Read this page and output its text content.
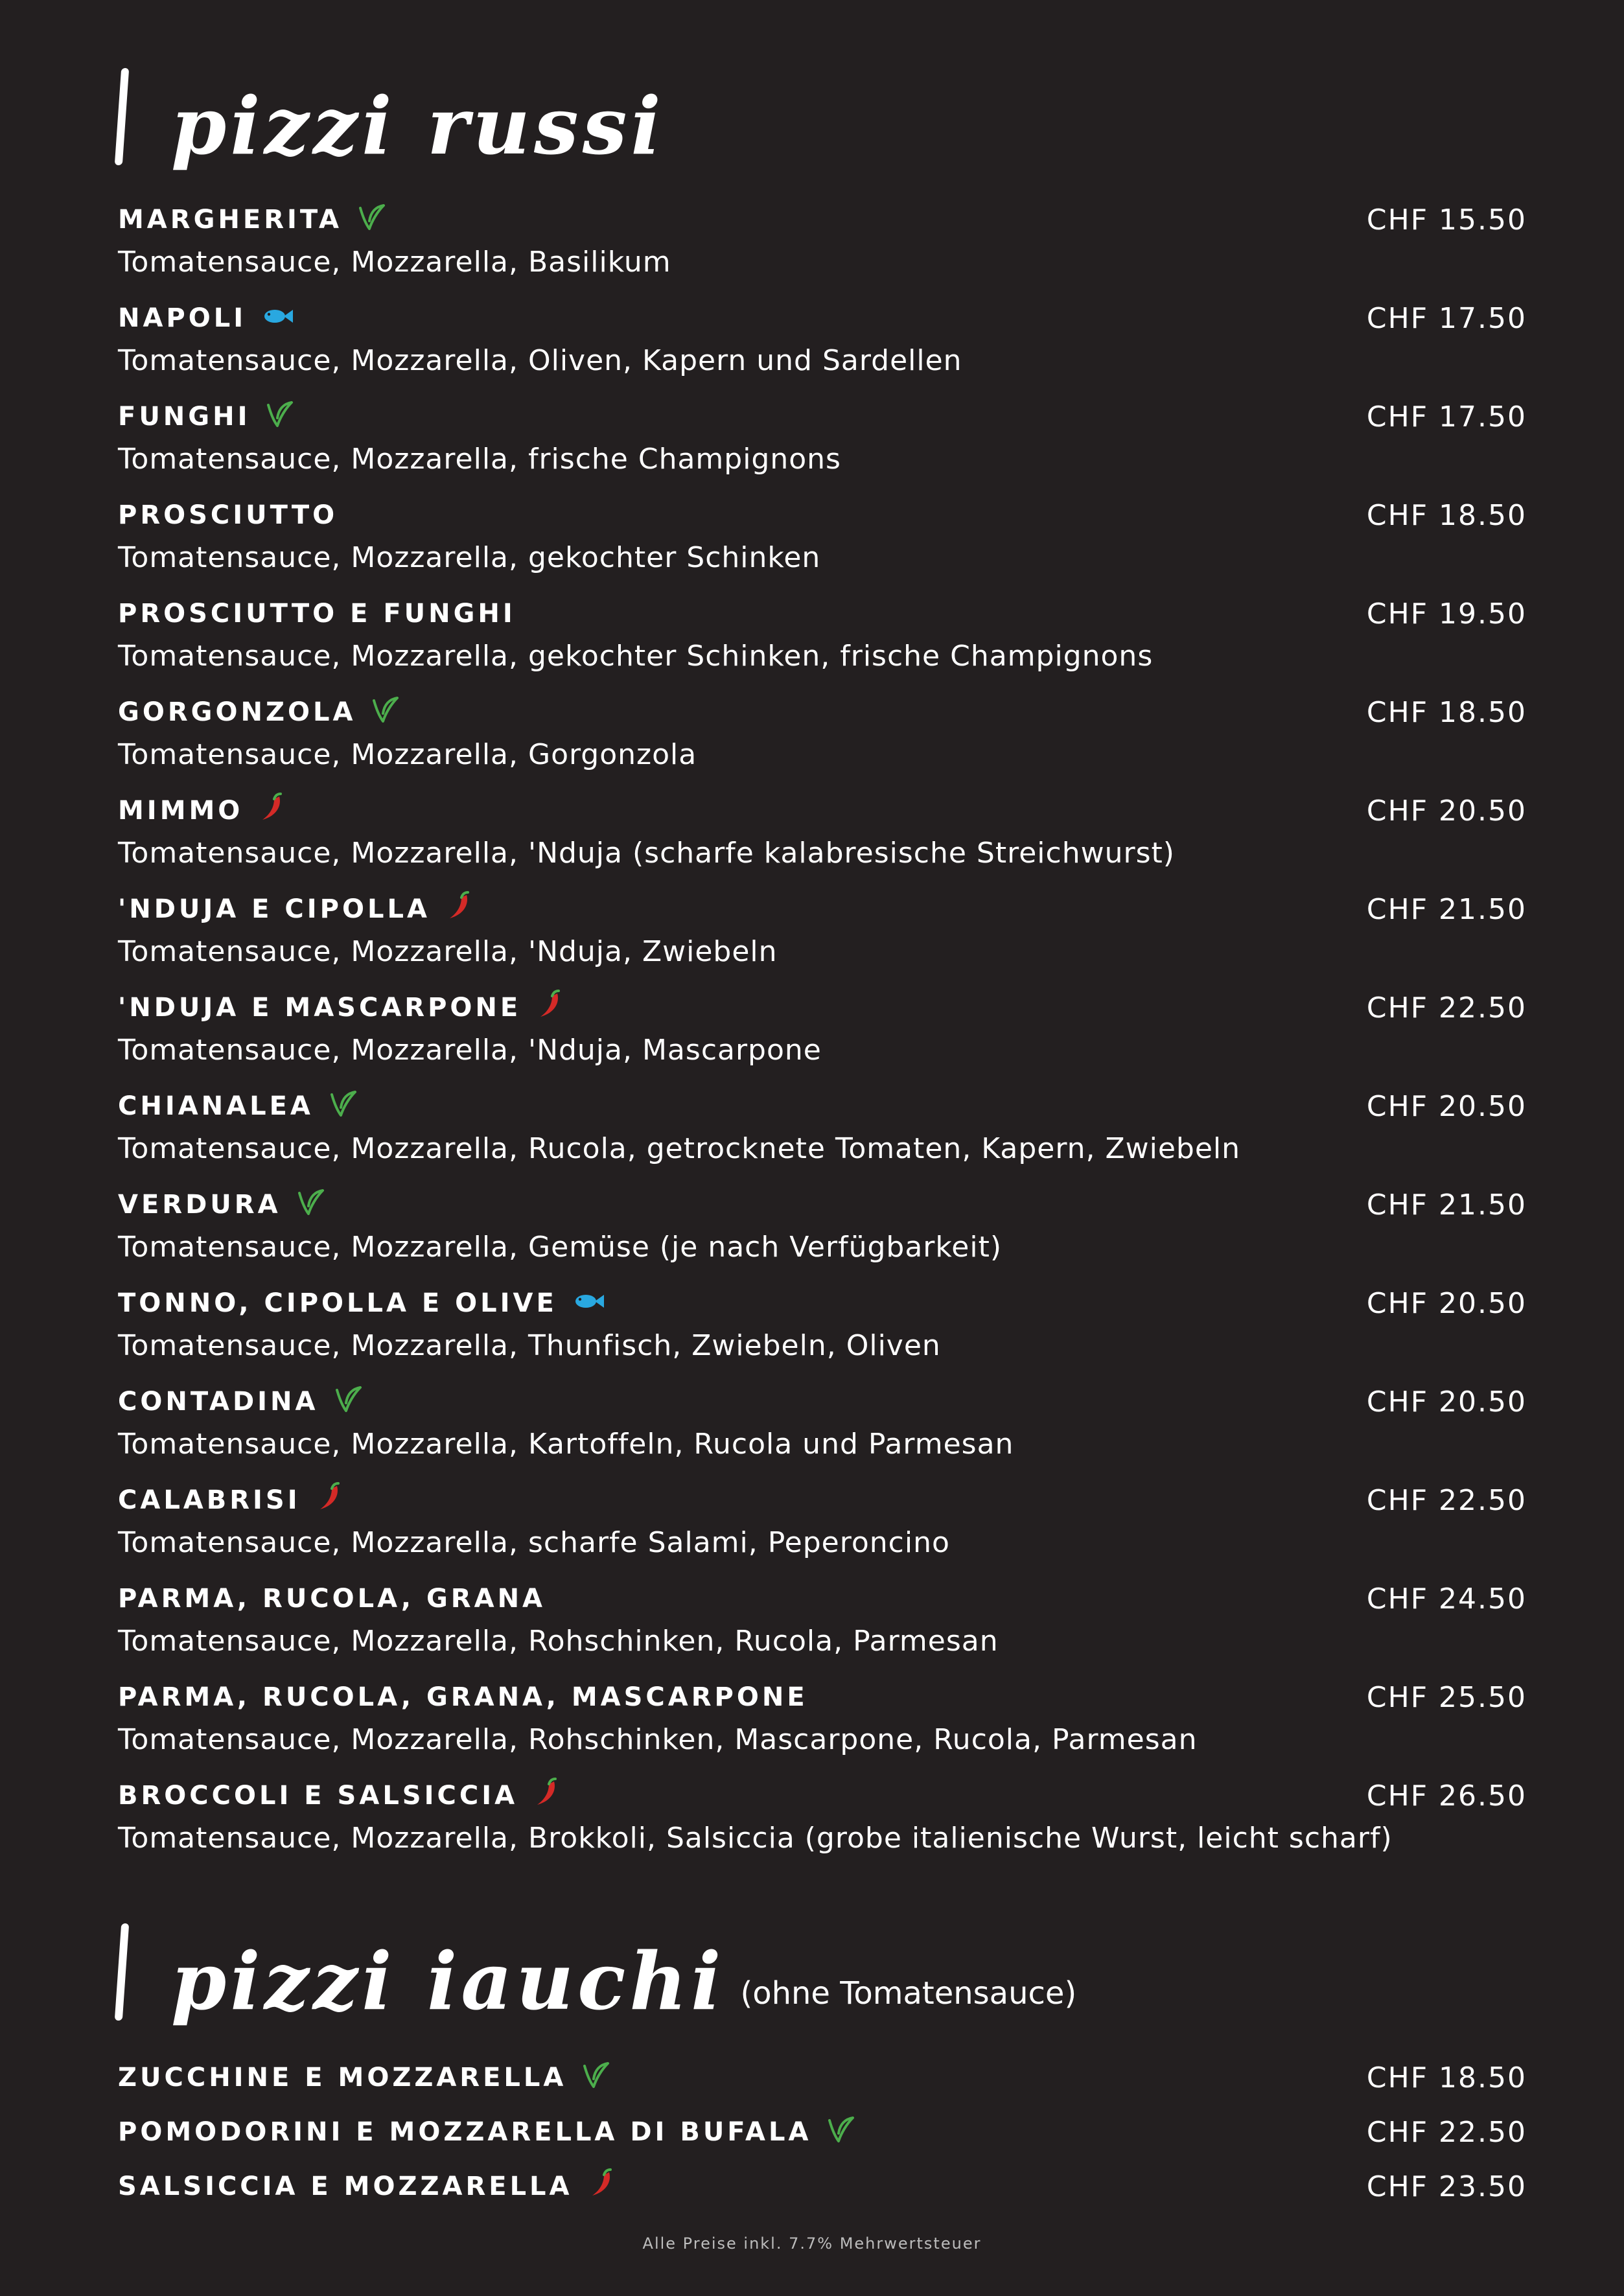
pizzi russi
MARGHERITA	CHF 15.50
Tomatensauce, Mozzarella, Basilikum
NAPOLI	CHF 17.50
Tomatensauce, Mozzarella, Oliven, Kapern und Sardellen
FUNGHI	CHF 17.50
Tomatensauce, Mozzarella, frische Champignons
PROSCIUTTO	CHF 18.50
Tomatensauce, Mozzarella, gekochter Schinken
PROSCIUTTO E FUNGHI	CHF 19.50
Tomatensauce, Mozzarella, gekochter Schinken, frische Champignons
GORGONZOLA	CHF 18.50
Tomatensauce, Mozzarella, Gorgonzola
MIMMO	CHF 20.50
Tomatensauce, Mozzarella, 'Nduja (scharfe kalabresische Streichwurst)
'NDUJA E CIPOLLA	CHF 21.50
Tomatensauce, Mozzarella, 'Nduja, Zwiebeln
'NDUJA E MASCARPONE	CHF 22.50
Tomatensauce, Mozzarella, 'Nduja, Mascarpone
CHIANALEA	CHF 20.50
Tomatensauce, Mozzarella, Rucola, getrocknete Tomaten, Kapern, Zwiebeln
VERDURA	CHF 21.50
Tomatensauce, Mozzarella, Gemüse (je nach Verfügbarkeit)
TONNO, CIPOLLA E OLIVE	CHF 20.50
Tomatensauce, Mozzarella, Thunfisch, Zwiebeln, Oliven
CONTADINA	CHF 20.50
Tomatensauce, Mozzarella, Kartoffeln, Rucola und Parmesan
CALABRISI	CHF 22.50
Tomatensauce, Mozzarella, scharfe Salami, Peperoncino
PARMA, RUCOLA, GRANA	CHF 24.50
Tomatensauce, Mozzarella, Rohschinken, Rucola, Parmesan
PARMA, RUCOLA, GRANA, MASCARPONE	CHF 25.50
Tomatensauce, Mozzarella, Rohschinken, Mascarpone, Rucola, Parmesan
BROCCOLI E SALSICCIA	CHF 26.50
Tomatensauce, Mozzarella, Brokkoli, Salsiccia (grobe italienische Wurst, leicht scharf)
pizzi iauchi (ohne Tomatensauce)
ZUCCHINE E MOZZARELLA	CHF 18.50
POMODORINI E MOZZARELLA DI BUFALA	CHF 22.50
SALSICCIA E MOZZARELLA	CHF 23.50
Alle Preise inkl. 7.7% Mehrwertsteuer
